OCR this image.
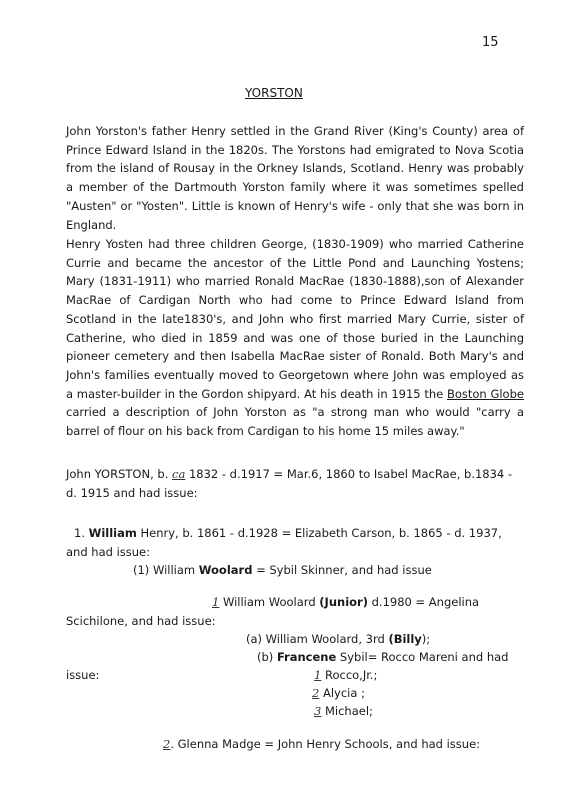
15
YORSTON

John Yorston's father Henry settled in the Grand River (King's County) area of Prince Edward Island in the 1820s. The Yorstons had emigrated to Nova Scotia from the island of Rousay in the Orkney Islands, Scotland. Henry was probably a member of the Dartmouth Yorston family where it was sometimes spelled "Austen" or "Yosten". Little is known of Henry's wife - only that she was born in England.

Henry Yosten had three children George, (1830-1909) who married Catherine Currie and became the ancestor of the Little Pond and Launching Yostens; Mary (1831-1911) who married Ronald MacRae (1830-1888),son of Alexander MacRae of Cardigan North who had come to Prince Edward Island from Scotland in the late1830's, and John who first married Mary Currie, sister of Catherine, who died in 1859 and was one of those buried in the Launching pioneer cemetery and then Isabella MacRae sister of Ronald. Both Mary's and John's families eventually moved to Georgetown where John was employed as a master-builder in the Gordon shipyard. At his death in 1915 the Boston Globe carried a description of John Yorston as "a strong man who would "carry a barrel of flour on his back from Cardigan to his home 15 miles away."

John YORSTON, b. ca 1832 - d.1917 = Mar.6, 1860 to Isabel MacRae, b.1834 -
d. 1915 and had issue:
1. William Henry, b. 1861 - d.1928 = Elizabeth Carson, b. 1865 - d. 1937,
and had issue:
(1) William Woolard = Sybil Skinner, and had issue
1 William Woolard (Junior) d.1980 = Angelina
Scichilone, and had issue:
(a) William Woolard, 3rd (Billy);
(b) Francene Sybil= Rocco Mareni and had
issue:	1 Rocco,Jr.;
2 Alycia ;
3 Michael;
2. Glenna Madge = John Henry Schools, and had issue:
